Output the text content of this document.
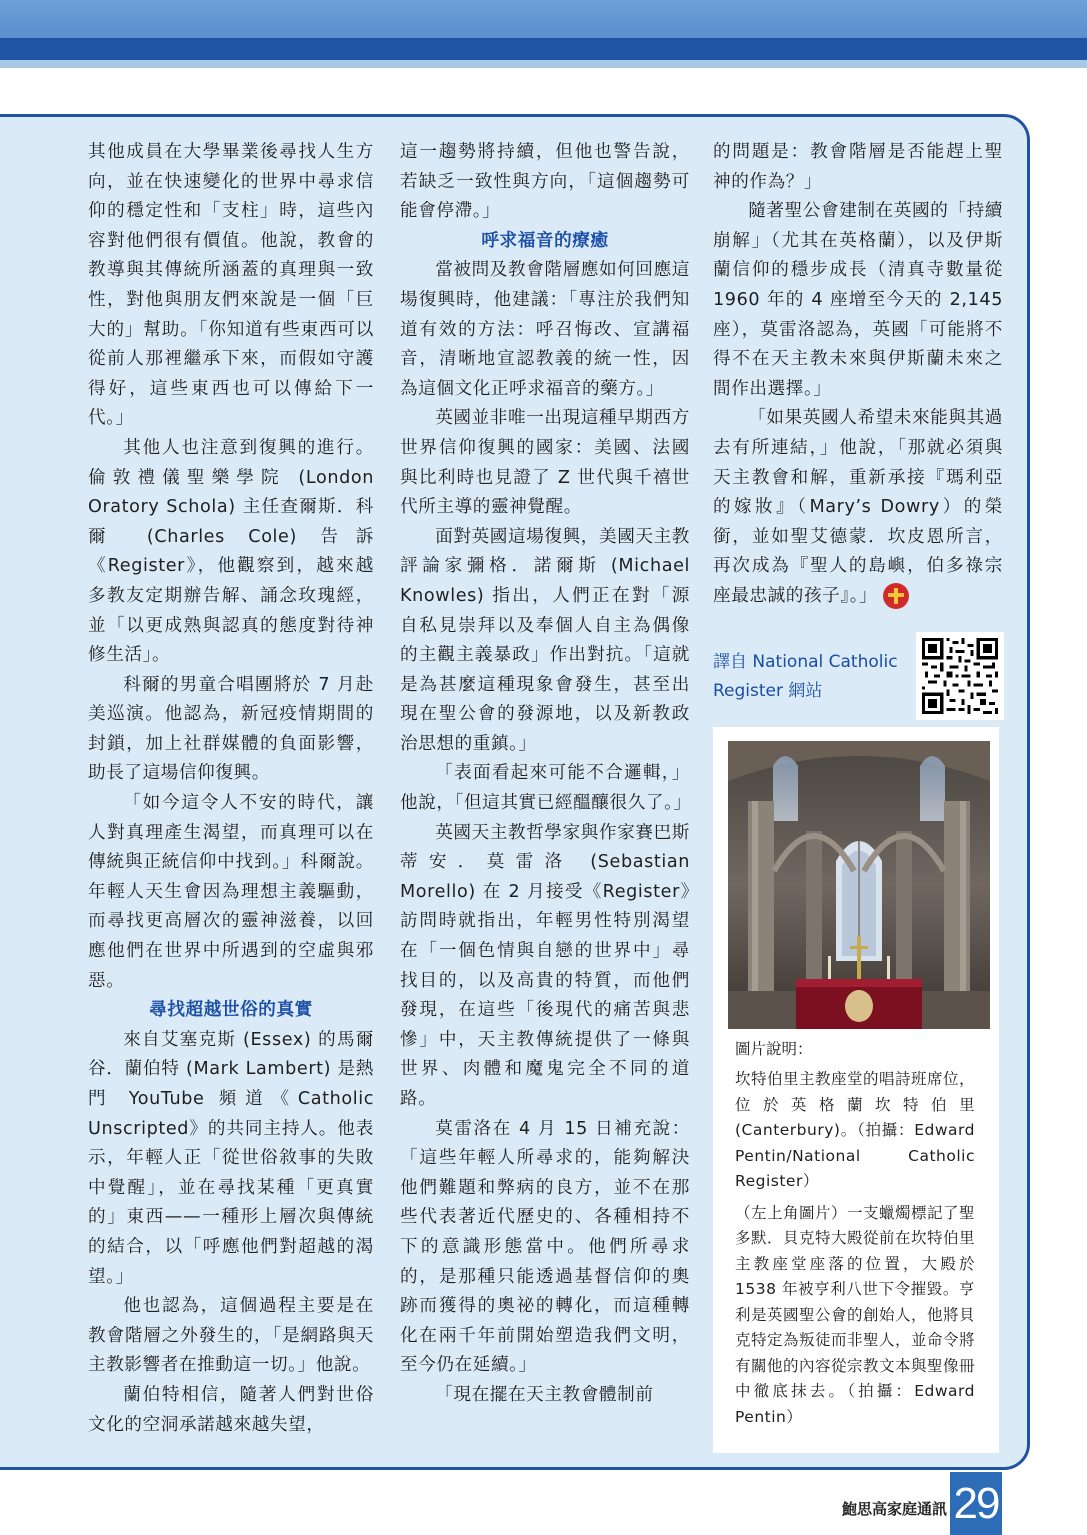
其他成員在大學畢業後尋找人生方向，並在快速變化的世界中尋求信仰的穩定性和「支柱」時，這些內容對他們很有價值。他說，教會的教導與其傳統所涵蓋的真理與一致性，對他與朋友們來說是一個「巨大的」幫助。「你知道有些東西可以從前人那裡繼承下來，而假如守護得好，這些東西也可以傳給下一代。」

其他人也注意到復興的進行。倫敦禮儀聖樂學院 (London Oratory Schola) 主任查爾斯．科爾 (Charles Cole) 告訴《Register》，他觀察到，越來越多教友定期辦告解、誦念玫瑰經，並「以更成熟與認真的態度對待神修生活」。

科爾的男童合唱團將於 7 月赴美巡演。他認為，新冠疫情期間的封鎖，加上社群媒體的負面影響，助長了這場信仰復興。

「如今這令人不安的時代，讓人對真理產生渴望，而真理可以在傳統與正統信仰中找到。」科爾說。年輕人天生會因為理想主義驅動，而尋找更高層次的靈神滋養，以回應他們在世界中所遇到的空虛與邪惡。

尋找超越世俗的真實

來自艾塞克斯 (Essex) 的馬爾谷．蘭伯特 (Mark Lambert) 是熱門 YouTube 頻道《Catholic Unscripted》的共同主持人。他表示，年輕人正「從世俗敘事的失敗中覺醒」，並在尋找某種「更真實的」東西——一種形上層次與傳統的結合，以「呼應他們對超越的渴望。」

他也認為，這個過程主要是在教會階層之外發生的，「是網路與天主教影響者在推動這一切。」他說。

蘭伯特相信，隨著人們對世俗文化的空洞承諾越來越失望，

這一趨勢將持續，但他也警告說，若缺乏一致性與方向，「這個趨勢可能會停滯。」

呼求福音的療癒

當被問及教會階層應如何回應這場復興時，他建議：「專注於我們知道有效的方法：呼召悔改、宣講福音，清晰地宣認教義的統一性，因為這個文化正呼求福音的藥方。」

英國並非唯一出現這種早期西方世界信仰復興的國家：美國、法國與比利時也見證了 Z 世代與千禧世代所主導的靈神覺醒。

面對英國這場復興，美國天主教評論家彌格．諾爾斯 (Michael Knowles) 指出，人們正在對「源自私見崇拜以及奉個人自主為偶像的主觀主義暴政」作出對抗。「這就是為甚麼這種現象會發生，甚至出現在聖公會的發源地，以及新教政治思想的重鎮。」

「表面看起來可能不合邏輯，」他說，「但這其實已經醞釀很久了。」

英國天主教哲學家與作家賽巴斯蒂安．莫雷洛 (Sebastian Morello) 在 2 月接受《Register》訪問時就指出，年輕男性特別渴望在「一個色情與自戀的世界中」尋找目的，以及高貴的特質，而他們發現，在這些「後現代的痛苦與悲慘」中，天主教傳統提供了一條與世界、肉體和魔鬼完全不同的道路。

莫雷洛在 4 月 15 日補充說：「這些年輕人所尋求的，能夠解決他們難題和弊病的良方，並不在那些代表著近代歷史的、各種相持不下的意識形態當中。他們所尋求的，是那種只能透過基督信仰的奧跡而獲得的奧祕的轉化，而這種轉化在兩千年前開始塑造我們文明，至今仍在延續。」

「現在擺在天主教會體制前

的問題是：教會階層是否能趕上聖神的作為？」

隨著聖公會建制在英國的「持續崩解」（尤其在英格蘭），以及伊斯蘭信仰的穩步成長（清真寺數量從 1960 年的 4 座增至今天的 2,145 座），莫雷洛認為，英國「可能將不得不在天主教未來與伊斯蘭未來之間作出選擇。」

「如果英國人希望未來能與其過去有所連結，」他說，「那就必須與天主教會和解，重新承接『瑪利亞的嫁妝』（Mary’s Dowry）的榮銜，並如聖艾德蒙．坎皮恩所言，再次成為『聖人的島嶼，伯多祿宗座最忠誠的孩子』。」

譯自 National Catholic Register 網站
圖片說明：

坎特伯里主教座堂的唱詩班席位，位於英格蘭坎特伯里 (Canterbury)。（拍攝：Edward Pentin/National Catholic Register）

（左上角圖片）一支蠟燭標記了聖多默．貝克特大殿從前在坎特伯里主教座堂座落的位置，大殿於 1538 年被亨利八世下令摧毀。亨利是英國聖公會的創始人，他將貝克特定為叛徒而非聖人，並命令將有關他的內容從宗教文本與聖像冊中徹底抹去。（拍攝：Edward Pentin）

鮑思高家庭通訊 29
